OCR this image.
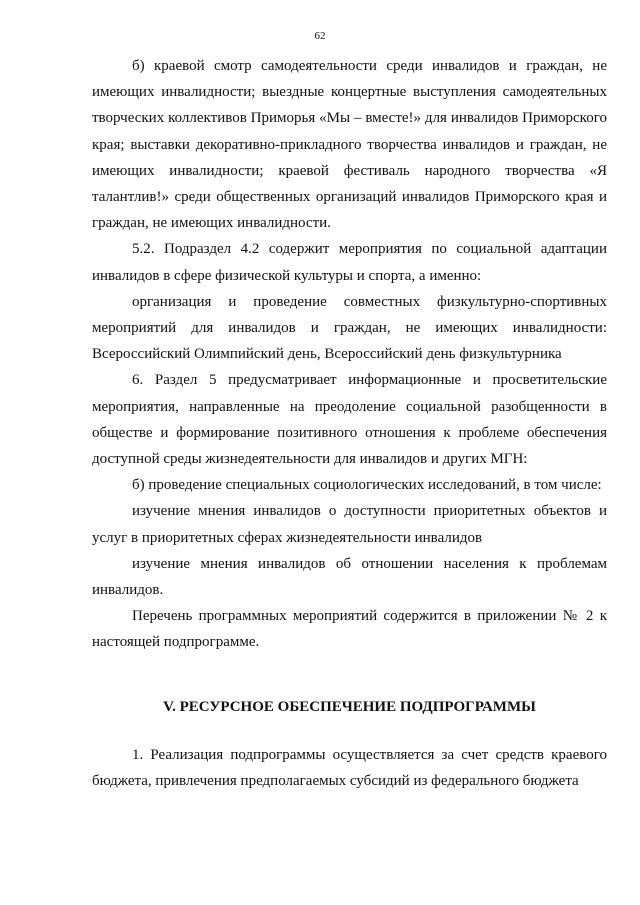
62

б) краевой смотр самодеятельности среди инвалидов и граждан, не имеющих инвалидности; выездные концертные выступления самодеятельных творческих коллективов Приморья «Мы – вместе!» для инвалидов Приморского края; выставки декоративно-прикладного творчества инвалидов и граждан, не имеющих инвалидности; краевой фестиваль народного творчества «Я талантлив!» среди общественных организаций инвалидов Приморского края и граждан, не имеющих инвалидности.

5.2. Подраздел 4.2 содержит мероприятия по социальной адаптации инвалидов в сфере физической культуры и спорта, а именно:

организация и проведение совместных физкультурно-спортивных мероприятий для инвалидов и граждан, не имеющих инвалидности: Всероссийский Олимпийский день, Всероссийский день физкультурника

6. Раздел 5 предусматривает информационные и просветительские мероприятия, направленные на преодоление социальной разобщенности в обществе и формирование позитивного отношения к проблеме обеспечения доступной среды жизнедеятельности для инвалидов и других МГН:

б) проведение специальных социологических исследований, в том числе:

изучение мнения инвалидов о доступности приоритетных объектов и услуг в приоритетных сферах жизнедеятельности инвалидов

изучение мнения инвалидов об отношении населения к проблемам инвалидов.

Перечень программных мероприятий содержится в приложении № 2 к настоящей подпрограмме.

V. РЕСУРСНОЕ ОБЕСПЕЧЕНИЕ ПОДПРОГРАММЫ

1. Реализация подпрограммы осуществляется за счет средств краевого бюджета, привлечения предполагаемых субсидий из федерального бюджета
